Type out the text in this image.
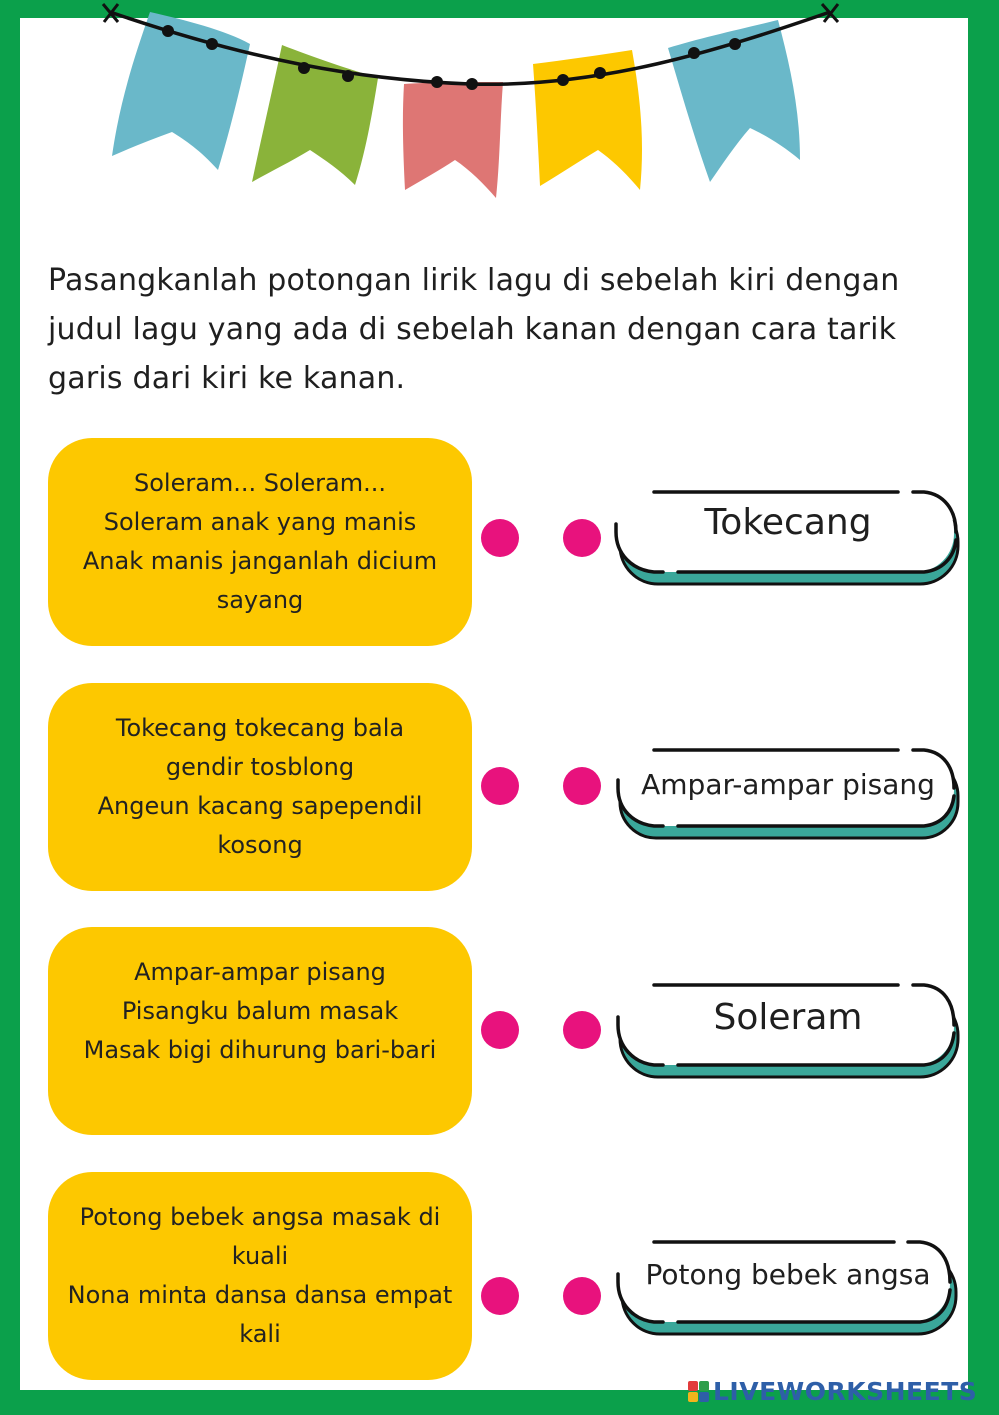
Pasangkanlah potongan lirik lagu di sebelah kiri dengan judul lagu yang ada di sebelah kanan dengan cara tarik garis dari kiri ke kanan.

Soleram... Soleram...
Soleram anak yang manis
Anak manis janganlah dicium
sayang
Tokecang
Tokecang tokecang bala
gendir tosblong
Angeun kacang sapependil
kosong
Ampar-ampar pisang
Ampar-ampar pisang
Pisangku balum masak
Masak bigi dihurung bari-bari
Soleram
Potong bebek angsa masak di
kuali
Nona minta dansa dansa empat
kali
Potong bebek angsa
LIVEWORKSHEETS
